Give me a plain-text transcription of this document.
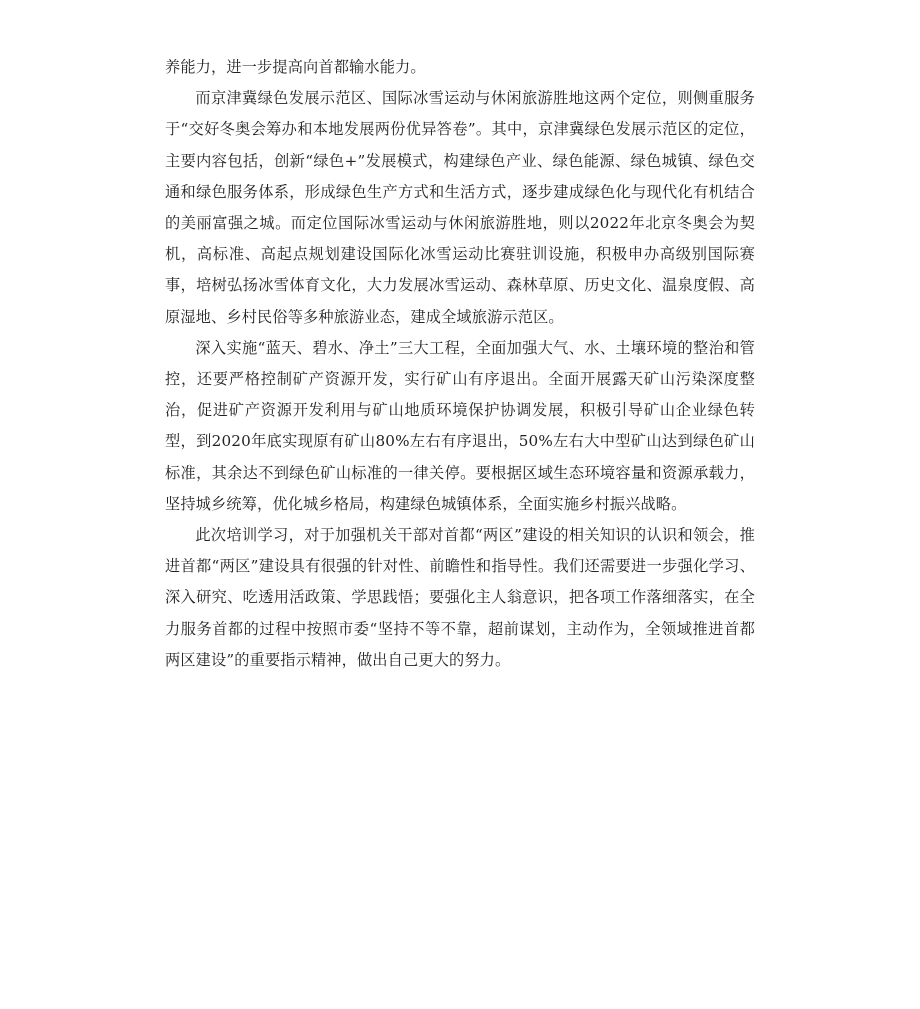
养能力，进一步提高向首都输水能力。

而京津冀绿色发展示范区、国际冰雪运动与休闲旅游胜地这两个定位，则侧重服务于“交好冬奥会筹办和本地发展两份优异答卷”。其中，京津冀绿色发展示范区的定位，主要内容包括，创新“绿色+”发展模式，构建绿色产业、绿色能源、绿色城镇、绿色交通和绿色服务体系，形成绿色生产方式和生活方式，逐步建成绿色化与现代化有机结合的美丽富强之城。而定位国际冰雪运动与休闲旅游胜地，则以2022年北京冬奥会为契机，高标准、高起点规划建设国际化冰雪运动比赛驻训设施，积极申办高级别国际赛事，培树弘扬冰雪体育文化，大力发展冰雪运动、森林草原、历史文化、温泉度假、高原湿地、乡村民俗等多种旅游业态，建成全域旅游示范区。

深入实施“蓝天、碧水、净土”三大工程，全面加强大气、水、土壤环境的整治和管控，还要严格控制矿产资源开发，实行矿山有序退出。全面开展露天矿山污染深度整治，促进矿产资源开发利用与矿山地质环境保护协调发展，积极引导矿山企业绿色转型，到2020年底实现原有矿山80%左右有序退出，50%左右大中型矿山达到绿色矿山标准，其余达不到绿色矿山标准的一律关停。要根据区域生态环境容量和资源承载力，坚持城乡统筹，优化城乡格局，构建绿色城镇体系，全面实施乡村振兴战略。

此次培训学习，对于加强机关干部对首都“两区”建设的相关知识的认识和领会，推进首都“两区”建设具有很强的针对性、前瞻性和指导性。我们还需要进一步强化学习、深入研究、吃透用活政策、学思践悟；要强化主人翁意识，把各项工作落细落实，在全力服务首都的过程中按照市委“坚持不等不靠，超前谋划，主动作为，全领域推进首都两区建设”的重要指示精神，做出自己更大的努力。
